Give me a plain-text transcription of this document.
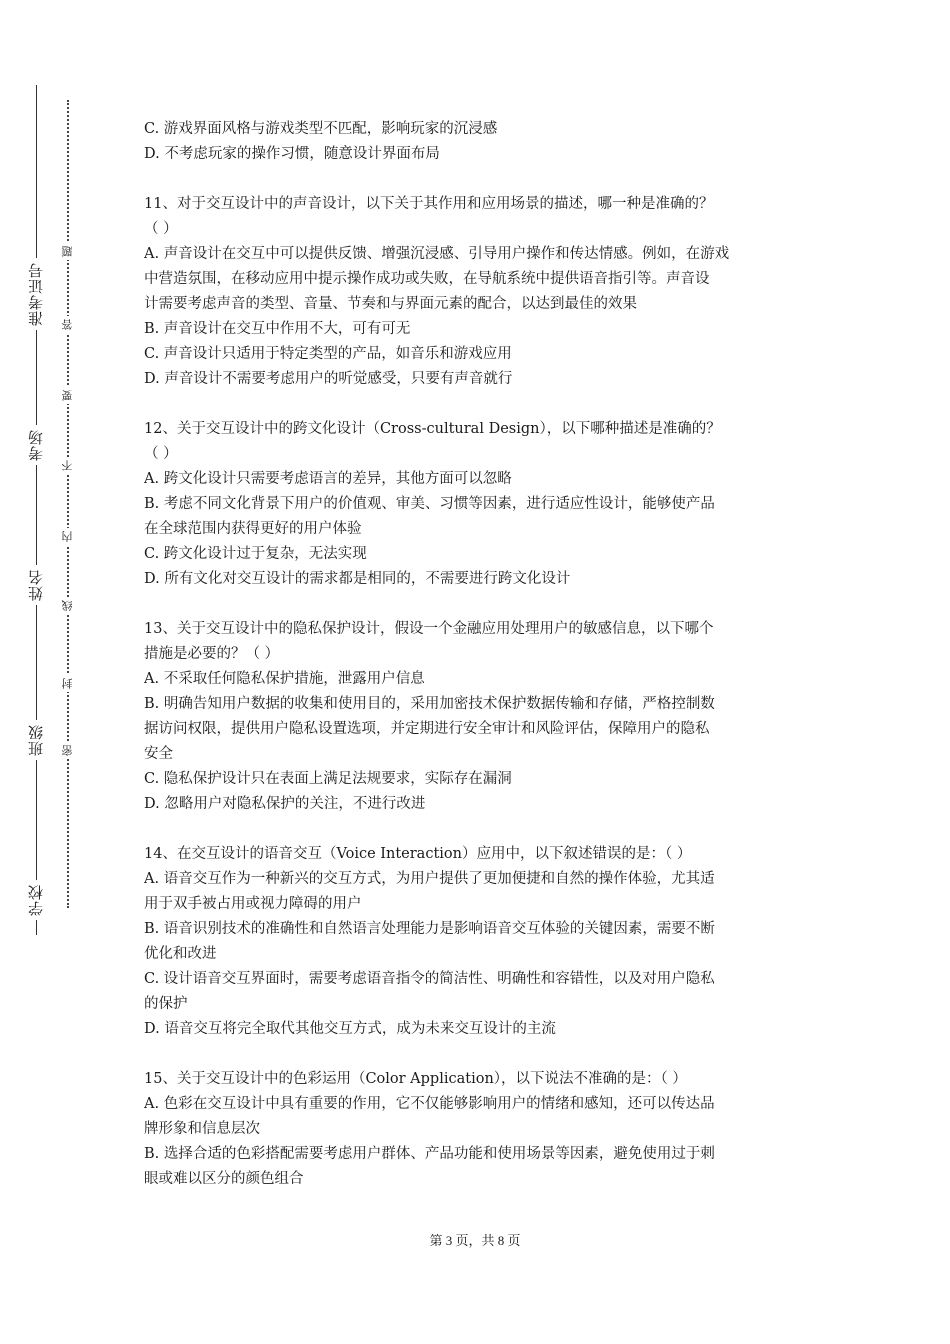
学校
班级
姓名
考场
准考证号
密
封
线
内
不
要
答
题
C. 游戏界面风格与游戏类型不匹配，影响玩家的沉浸感
D. 不考虑玩家的操作习惯，随意设计界面布局
11、对于交互设计中的声音设计，以下关于其作用和应用场景的描述，哪一种是准确的？
（ ）
A. 声音设计在交互中可以提供反馈、增强沉浸感、引导用户操作和传达情感。例如，在游戏
中营造氛围，在移动应用中提示操作成功或失败，在导航系统中提供语音指引等。声音设
计需要考虑声音的类型、音量、节奏和与界面元素的配合，以达到最佳的效果
B. 声音设计在交互中作用不大，可有可无
C. 声音设计只适用于特定类型的产品，如音乐和游戏应用
D. 声音设计不需要考虑用户的听觉感受，只要有声音就行
12、关于交互设计中的跨文化设计（Cross-cultural Design），以下哪种描述是准确的？
（ ）
A. 跨文化设计只需要考虑语言的差异，其他方面可以忽略
B. 考虑不同文化背景下用户的价值观、审美、习惯等因素，进行适应性设计，能够使产品
在全球范围内获得更好的用户体验
C. 跨文化设计过于复杂，无法实现
D. 所有文化对交互设计的需求都是相同的，不需要进行跨文化设计
13、关于交互设计中的隐私保护设计，假设一个金融应用处理用户的敏感信息，以下哪个
措施是必要的？（ ）
A. 不采取任何隐私保护措施，泄露用户信息
B. 明确告知用户数据的收集和使用目的，采用加密技术保护数据传输和存储，严格控制数
据访问权限，提供用户隐私设置选项，并定期进行安全审计和风险评估，保障用户的隐私
安全
C. 隐私保护设计只在表面上满足法规要求，实际存在漏洞
D. 忽略用户对隐私保护的关注，不进行改进
14、在交互设计的语音交互（Voice Interaction）应用中，以下叙述错误的是：（ ）
A. 语音交互作为一种新兴的交互方式，为用户提供了更加便捷和自然的操作体验，尤其适
用于双手被占用或视力障碍的用户
B. 语音识别技术的准确性和自然语言处理能力是影响语音交互体验的关键因素，需要不断
优化和改进
C. 设计语音交互界面时，需要考虑语音指令的简洁性、明确性和容错性，以及对用户隐私
的保护
D. 语音交互将完全取代其他交互方式，成为未来交互设计的主流
15、关于交互设计中的色彩运用（Color Application），以下说法不准确的是：（ ）
A. 色彩在交互设计中具有重要的作用，它不仅能够影响用户的情绪和感知，还可以传达品
牌形象和信息层次
B. 选择合适的色彩搭配需要考虑用户群体、产品功能和使用场景等因素，避免使用过于刺
眼或难以区分的颜色组合
第 3 页，共 8 页
